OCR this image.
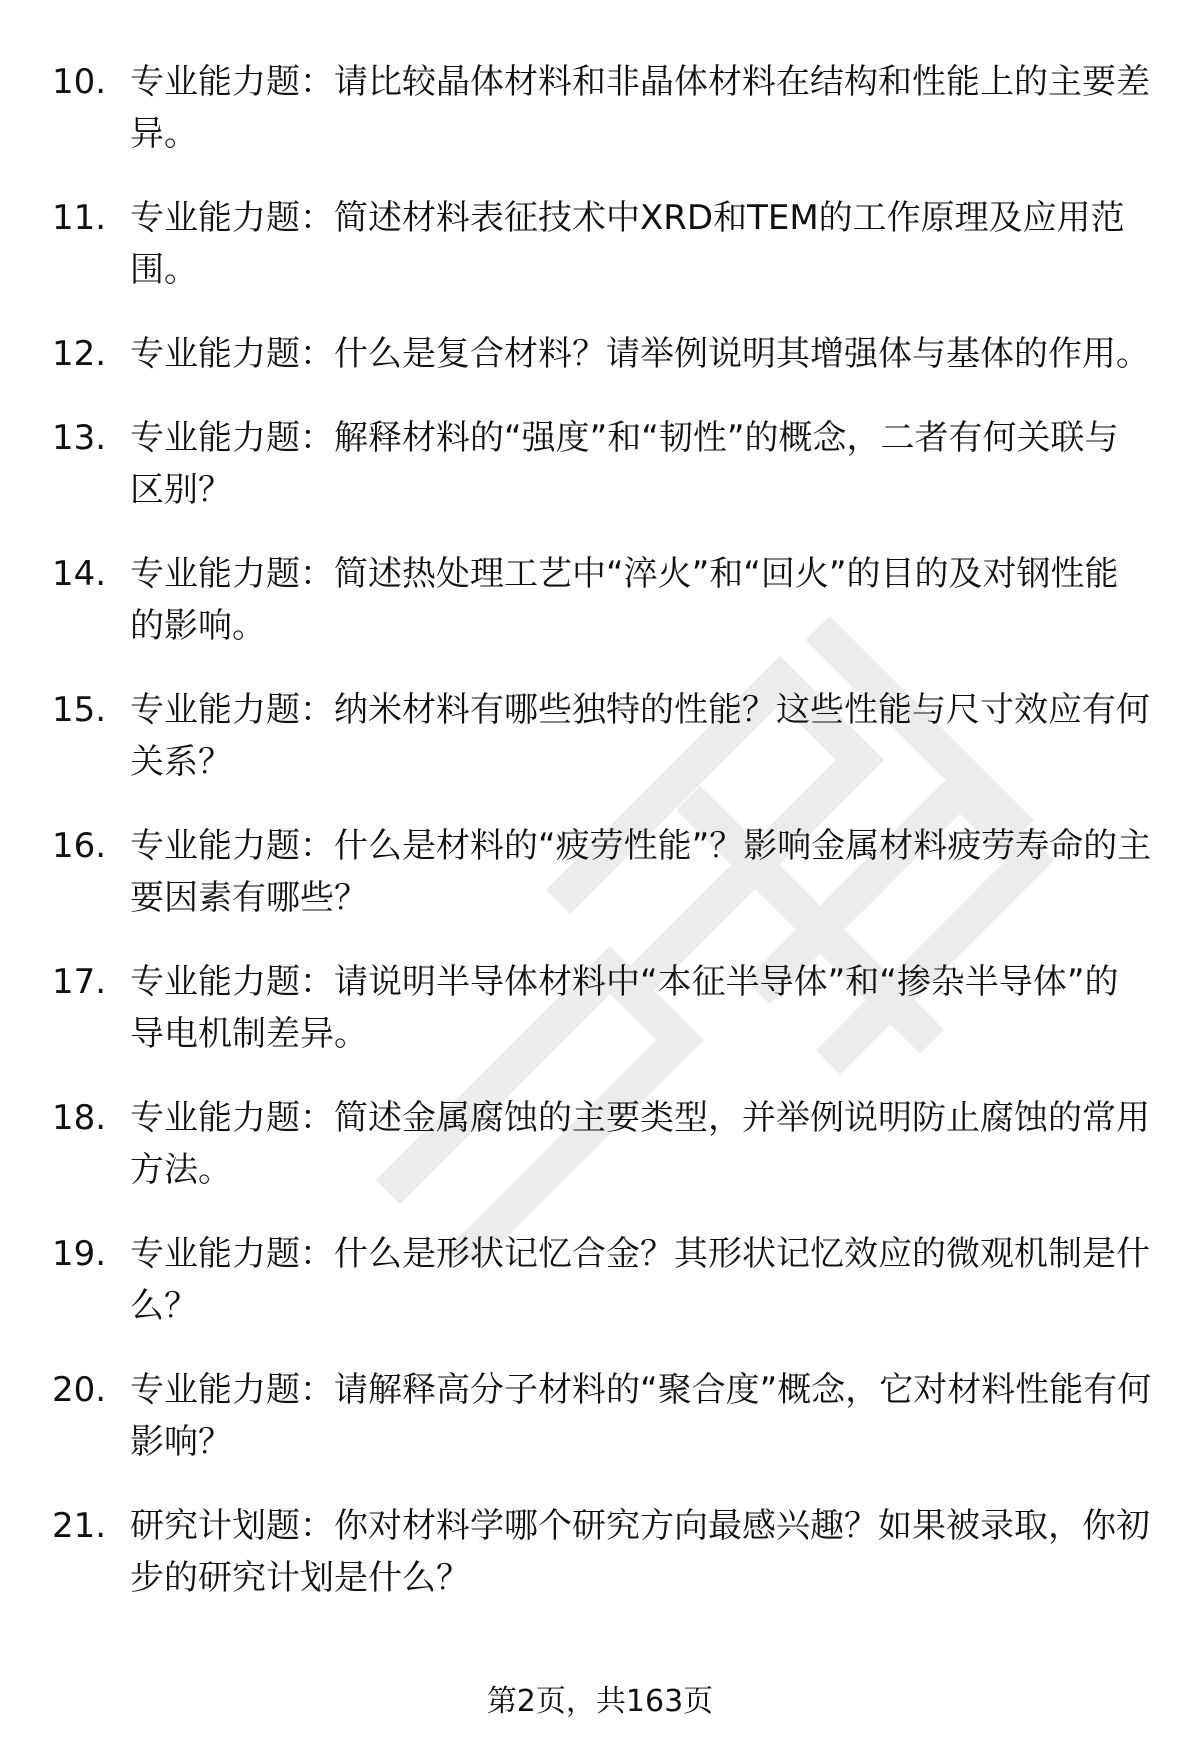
10. 专业能力题：请比较晶体材料和非晶体材料在结构和性能上的主要差异。
11. 专业能力题：简述材料表征技术中XRD和TEM的工作原理及应用范围。
12. 专业能力题：什么是复合材料？请举例说明其增强体与基体的作用。
13. 专业能力题：解释材料的“强度”和“韧性”的概念，二者有何关联与区别？
14. 专业能力题：简述热处理工艺中“淬火”和“回火”的目的及对钢性能的影响。
15. 专业能力题：纳米材料有哪些独特的性能？这些性能与尺寸效应有何关系？
16. 专业能力题：什么是材料的“疲劳性能”？影响金属材料疲劳寿命的主要因素有哪些？
17. 专业能力题：请说明半导体材料中“本征半导体”和“掺杂半导体”的导电机制差异。
18. 专业能力题：简述金属腐蚀的主要类型，并举例说明防止腐蚀的常用方法。
19. 专业能力题：什么是形状记忆合金？其形状记忆效应的微观机制是什么？
20. 专业能力题：请解释高分子材料的“聚合度”概念，它对材料性能有何影响？
21. 研究计划题：你对材料学哪个研究方向最感兴趣？如果被录取，你初步的研究计划是什么？
第2页，共163页
